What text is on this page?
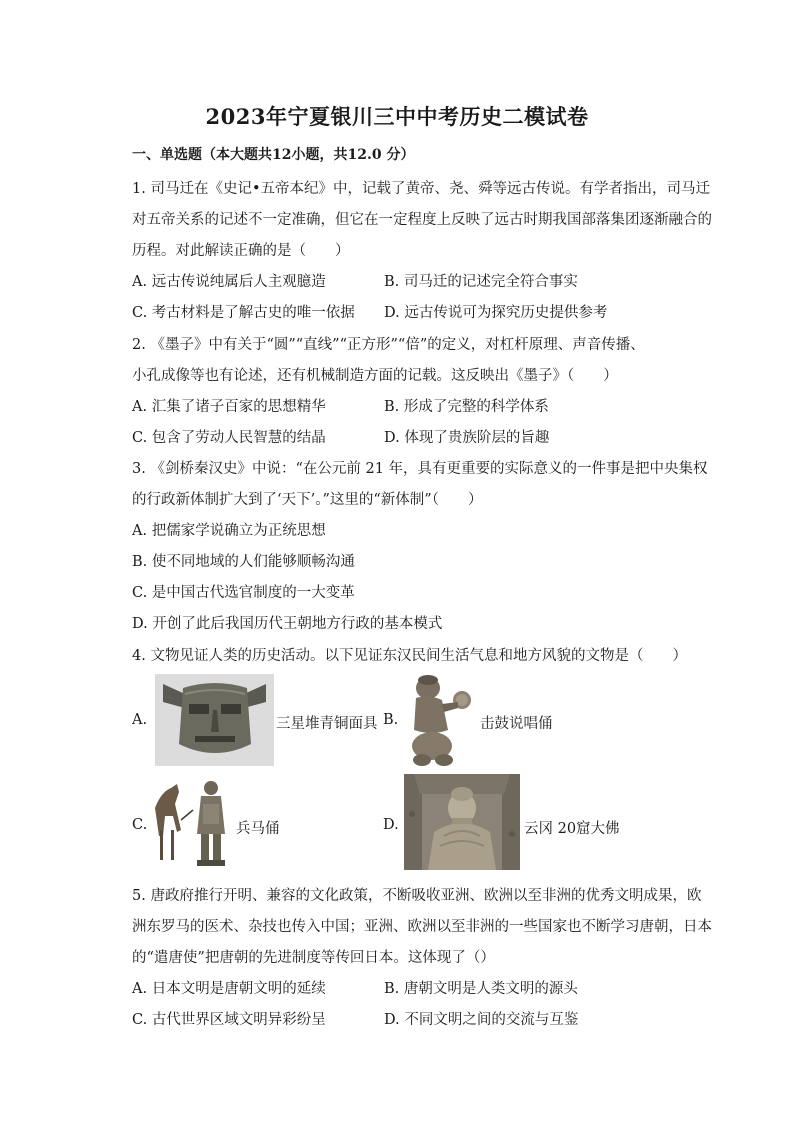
2023年宁夏银川三中中考历史二模试卷
一、单选题（本大题共12小题，共12.0 分）
1. 司马迁在《史记•五帝本纪》中，记载了黄帝、尧、舜等远古传说。有学者指出，司马迁
对五帝关系的记述不一定准确，但它在一定程度上反映了远古时期我国部落集团逐渐融合的
历程。对此解读正确的是（　　）
A. 远古传说纯属后人主观臆造	B. 司马迁的记述完全符合事实
C. 考古材料是了解古史的唯一依据 D. 远古传说可为探究历史提供参考
2. 《墨子》中有关于“圆”“直线”“正方形”“倍”的定义，对杠杆原理、声音传播、
小孔成像等也有论述，还有机械制造方面的记载。这反映出《墨子》（　　）
A. 汇集了诸子百家的思想精华	B. 形成了完整的科学体系
C. 包含了劳动人民智慧的结晶	D. 体现了贵族阶层的旨趣
3. 《剑桥秦汉史》中说：“在公元前 21 年，具有更重要的实际意义的一件事是把中央集权
的行政新体制扩大到了‘天下’。”这里的“新体制”（　　）
A. 把儒家学说确立为正统思想
B. 使不同地域的人们能够顺畅沟通
C. 是中国古代选官制度的一大变革
D. 开创了此后我国历代王朝地方行政的基本模式
4. 文物见证人类的历史活动。以下见证东汉民间生活气息和地方风貌的文物是（　　）
A.	三星堆青铜面具 B.	击鼓说唱俑
C.	兵马俑	D.	云冈 20窟大佛
5. 唐政府推行开明、兼容的文化政策，不断吸收亚洲、欧洲以至非洲的优秀文明成果，欧
洲东罗马的医术、杂技也传入中国；亚洲、欧洲以至非洲的一些国家也不断学习唐朝，日本
的“遣唐使”把唐朝的先进制度等传回日本。这体现了（）
A. 日本文明是唐朝文明的延续	B. 唐朝文明是人类文明的源头
C. 古代世界区域文明异彩纷呈	D. 不同文明之间的交流与互鉴
